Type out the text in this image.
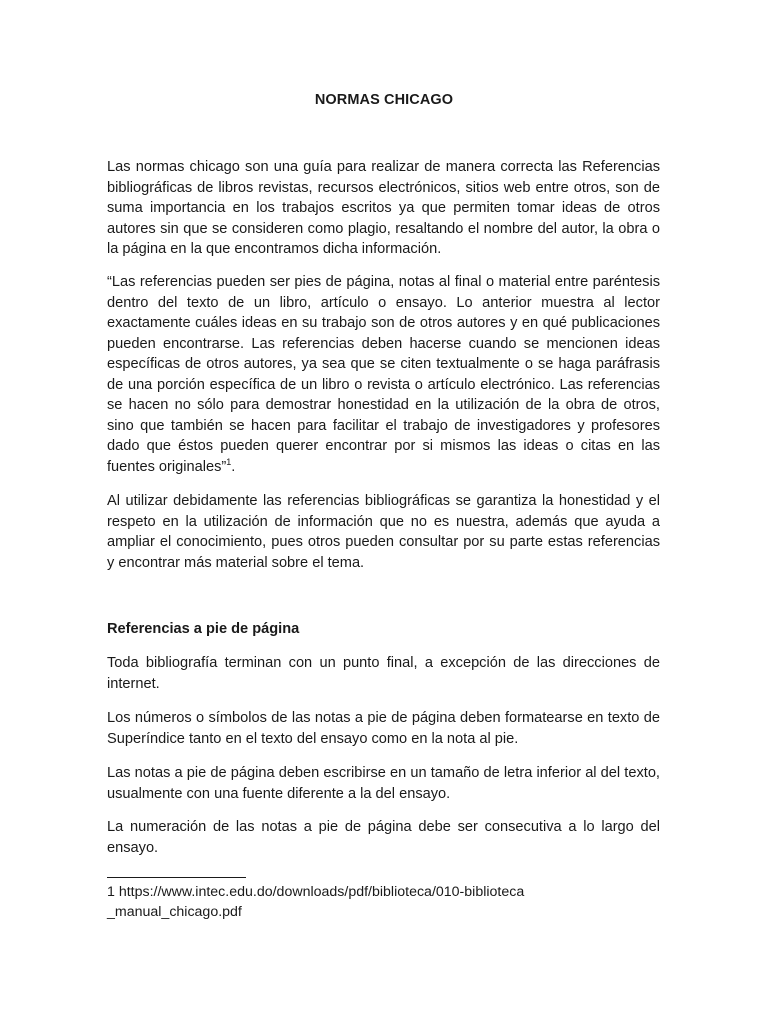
NORMAS CHICAGO

Las normas chicago son una guía para realizar de manera correcta las Referencias bibliográficas de libros revistas, recursos electrónicos, sitios web entre otros, son de suma importancia en los trabajos escritos ya que permiten tomar ideas de otros autores sin que se consideren como plagio, resaltando el nombre del autor, la obra o la página en la que encontramos dicha información.

“Las referencias pueden ser pies de página, notas al final o material entre paréntesis dentro del texto de un libro, artículo o ensayo. Lo anterior muestra al lector exactamente cuáles ideas en su trabajo son de otros autores y en qué publicaciones pueden encontrarse. Las referencias deben hacerse cuando se mencionen ideas específicas de otros autores, ya sea que se citen textualmente o se haga paráfrasis de una porción específica de un libro o revista o artículo electrónico. Las referencias se hacen no sólo para demostrar honestidad en la utilización de la obra de otros, sino que también se hacen para facilitar el trabajo de investigadores y profesores dado que éstos pueden querer encontrar por si mismos las ideas o citas en las fuentes originales”$^1$.

Al utilizar debidamente las referencias bibliográficas se garantiza la honestidad y el respeto en la utilización de información que no es nuestra, además que ayuda a ampliar el conocimiento, pues otros pueden consultar por su parte estas referencias y encontrar más material sobre el tema.

Referencias a pie de página

Toda bibliografía terminan con un punto final, a excepción de las direcciones de internet.

Los números o símbolos de las notas a pie de página deben formatearse en texto de Superíndice tanto en el texto del ensayo como en la nota al pie.

Las notas a pie de página deben escribirse en un tamaño de letra inferior al del texto, usualmente con una fuente diferente a la del ensayo.

La numeración de las notas a pie de página debe ser consecutiva a lo largo del ensayo.

1 https://www.intec.edu.do/downloads/pdf/biblioteca/010-biblioteca_manual_chicago.pdf
